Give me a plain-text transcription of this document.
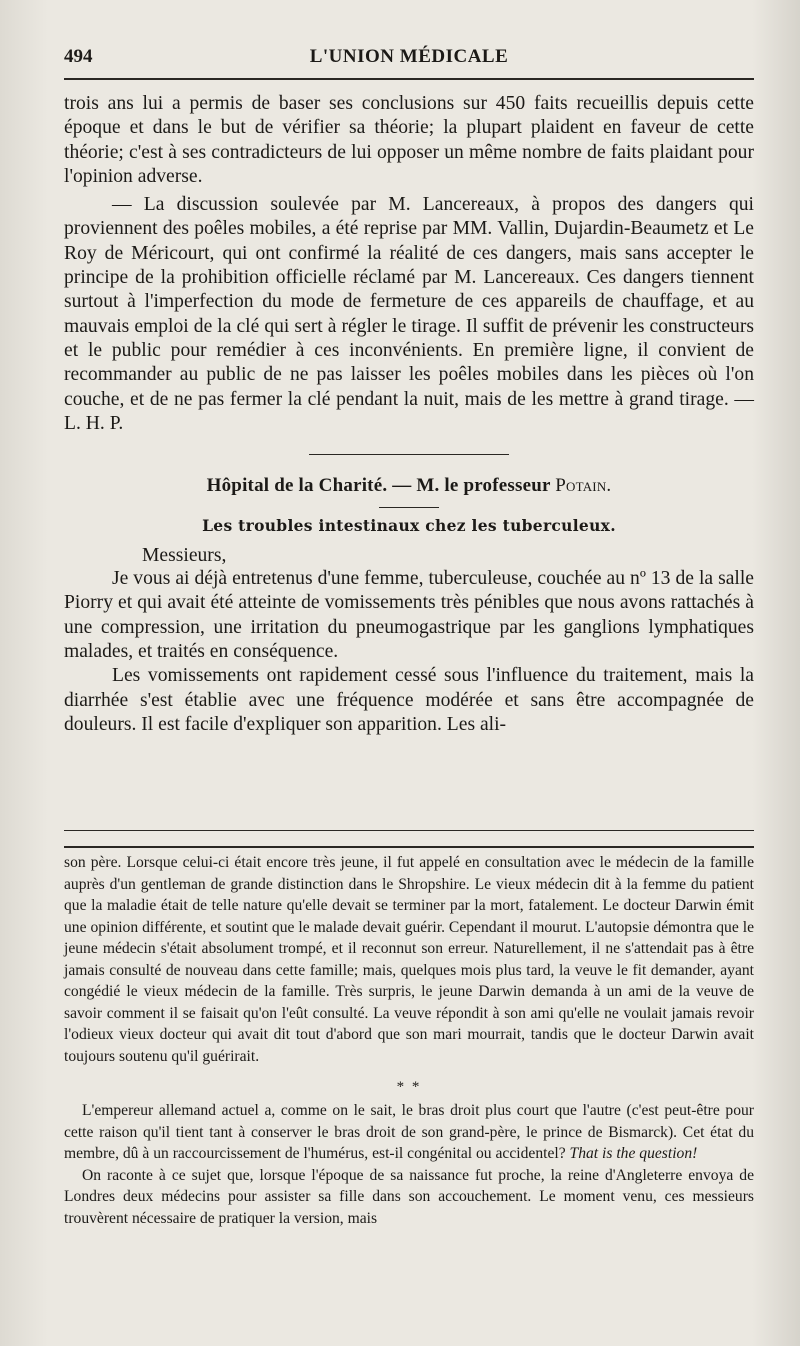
494	L'UNION MÉDICALE

trois ans lui a permis de baser ses conclusions sur 450 faits recueillis depuis cette époque et dans le but de vérifier sa théorie; la plupart plaident en faveur de cette théorie; c'est à ses contradicteurs de lui opposer un même nombre de faits plaidant pour l'opinion adverse.

— La discussion soulevée par M. Lancereaux, à propos des dangers qui proviennent des poêles mobiles, a été reprise par MM. Vallin, Dujardin-Beaumetz et Le Roy de Méricourt, qui ont confirmé la réalité de ces dangers, mais sans accepter le principe de la prohibition officielle réclamé par M. Lancereaux. Ces dangers tiennent surtout à l'imperfection du mode de fermeture de ces appareils de chauffage, et au mauvais emploi de la clé qui sert à régler le tirage. Il suffit de prévenir les constructeurs et le public pour remédier à ces inconvénients. En première ligne, il convient de recommander au public de ne pas laisser les poêles mobiles dans les pièces où l'on couche, et de ne pas fermer la clé pendant la nuit, mais de les mettre à grand tirage. — L. H. P.

Hôpital de la Charité. — M. le professeur Potain.
Les troubles intestinaux chez les tuberculeux.
Messieurs,

Je vous ai déjà entretenus d'une femme, tuberculeuse, couchée au nº 13 de la salle Piorry et qui avait été atteinte de vomissements très pénibles que nous avons rattachés à une compression, une irritation du pneumogastrique par les ganglions lymphatiques malades, et traités en conséquence.

Les vomissements ont rapidement cessé sous l'influence du traitement, mais la diarrhée s'est établie avec une fréquence modérée et sans être accompagnée de douleurs. Il est facile d'expliquer son apparition. Les ali-

son père. Lorsque celui-ci était encore très jeune, il fut appelé en consultation avec le médecin de la famille auprès d'un gentleman de grande distinction dans le Shropshire. Le vieux médecin dit à la femme du patient que la maladie était de telle nature qu'elle devait se terminer par la mort, fatalement. Le docteur Darwin émit une opinion différente, et soutint que le malade devait guérir. Cependant il mourut. L'autopsie démontra que le jeune médecin s'était absolument trompé, et il reconnut son erreur. Naturellement, il ne s'attendait pas à être jamais consulté de nouveau dans cette famille; mais, quelques mois plus tard, la veuve le fit demander, ayant congédié le vieux médecin de la famille. Très surpris, le jeune Darwin demanda à un ami de la veuve de savoir comment il se faisait qu'on l'eût consulté. La veuve répondit à son ami qu'elle ne voulait jamais revoir l'odieux vieux docteur qui avait dit tout d'abord que son mari mourrait, tandis que le docteur Darwin avait toujours soutenu qu'il guérirait.

* *

L'empereur allemand actuel a, comme on le sait, le bras droit plus court que l'autre (c'est peut-être pour cette raison qu'il tient tant à conserver le bras droit de son grand-père, le prince de Bismarck). Cet état du membre, dû à un raccourcissement de l'humérus, est-il congénital ou accidentel? That is the question!

On raconte à ce sujet que, lorsque l'époque de sa naissance fut proche, la reine d'Angleterre envoya de Londres deux médecins pour assister sa fille dans son accouchement. Le moment venu, ces messieurs trouvèrent nécessaire de pratiquer la version, mais
